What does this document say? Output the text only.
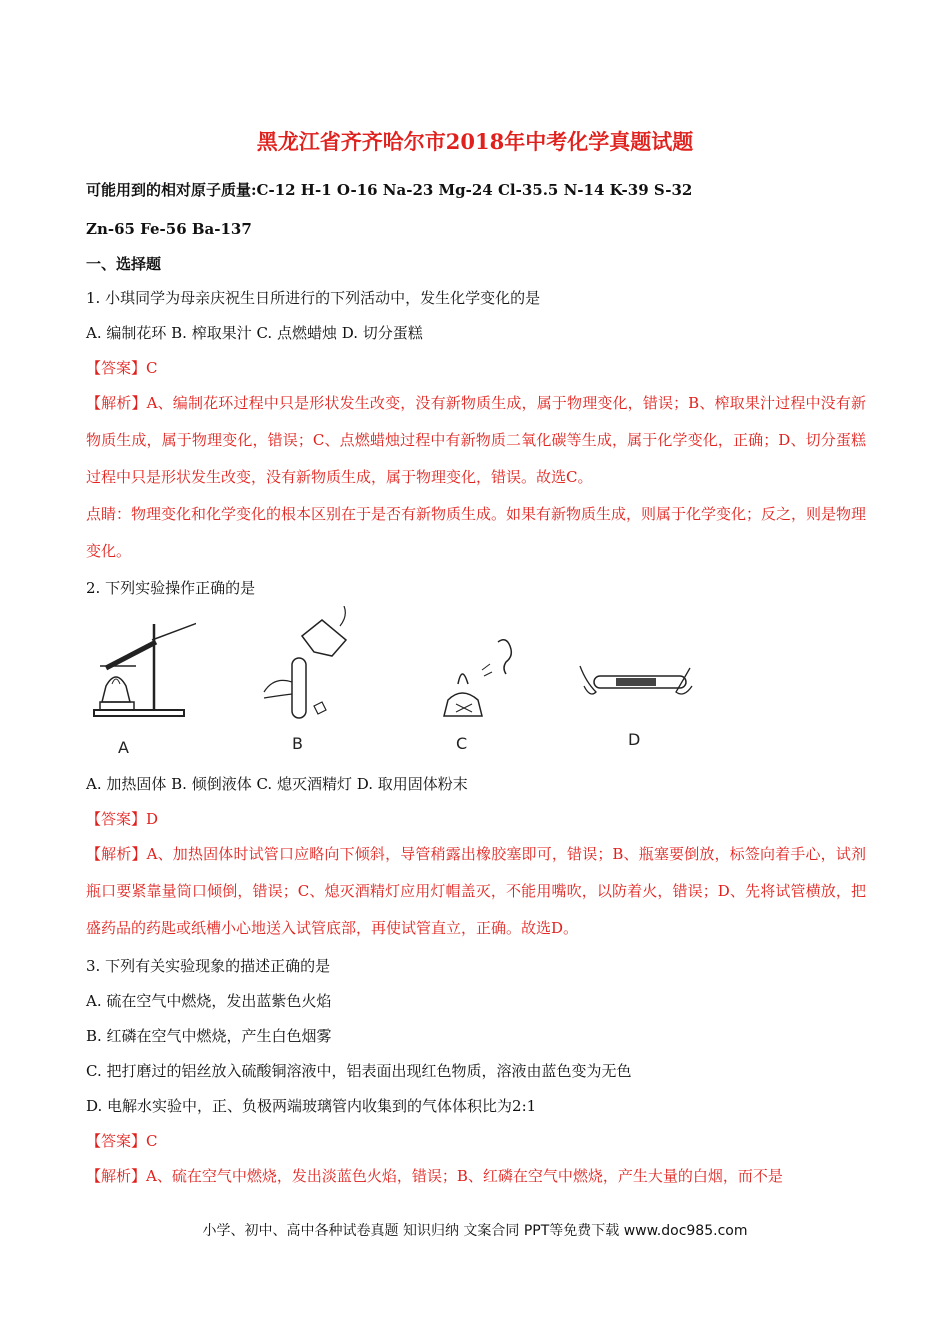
黑龙江省齐齐哈尔市2018年中考化学真题试题
可能用到的相对原子质量:C-12 H-1 O-16 Na-23 Mg-24 Cl-35.5 N-14 K-39 S-32
Zn-65 Fe-56 Ba-137
一、选择题
1. 小琪同学为母亲庆祝生日所进行的下列活动中，发生化学变化的是
A. 编制花环 B. 榨取果汁 C. 点燃蜡烛 D. 切分蛋糕
【答案】C
【解析】A、编制花环过程中只是形状发生改变，没有新物质生成，属于物理变化，错误；B、榨取果汁过程中没有新物质生成，属于物理变化，错误；C、点燃蜡烛过程中有新物质二氧化碳等生成，属于化学变化，正确；D、切分蛋糕过程中只是形状发生改变，没有新物质生成，属于物理变化，错误。故选C。
点睛：物理变化和化学变化的根本区别在于是否有新物质生成。如果有新物质生成，则属于化学变化；反之，则是物理变化。
2. 下列实验操作正确的是
A	B	C	D
A. 加热固体 B. 倾倒液体 C. 熄灭酒精灯 D. 取用固体粉末
【答案】D
【解析】A、加热固体时试管口应略向下倾斜，导管稍露出橡胶塞即可，错误；B、瓶塞要倒放，标签向着手心，试剂瓶口要紧靠量筒口倾倒，错误；C、熄灭酒精灯应用灯帽盖灭，不能用嘴吹，以防着火，错误；D、先将试管横放，把盛药品的药匙或纸槽小心地送入试管底部，再使试管直立，正确。故选D。
3. 下列有关实验现象的描述正确的是
A. 硫在空气中燃烧，发出蓝紫色火焰
B. 红磷在空气中燃烧，产生白色烟雾
C. 把打磨过的铝丝放入硫酸铜溶液中，铝表面出现红色物质，溶液由蓝色变为无色
D. 电解水实验中，正、负极两端玻璃管内收集到的气体体积比为2:1
【答案】C
【解析】A、硫在空气中燃烧，发出淡蓝色火焰，错误；B、红磷在空气中燃烧，产生大量的白烟，而不是
小学、初中、高中各种试卷真题 知识归纳 文案合同 PPT等免费下载 www.doc985.com
